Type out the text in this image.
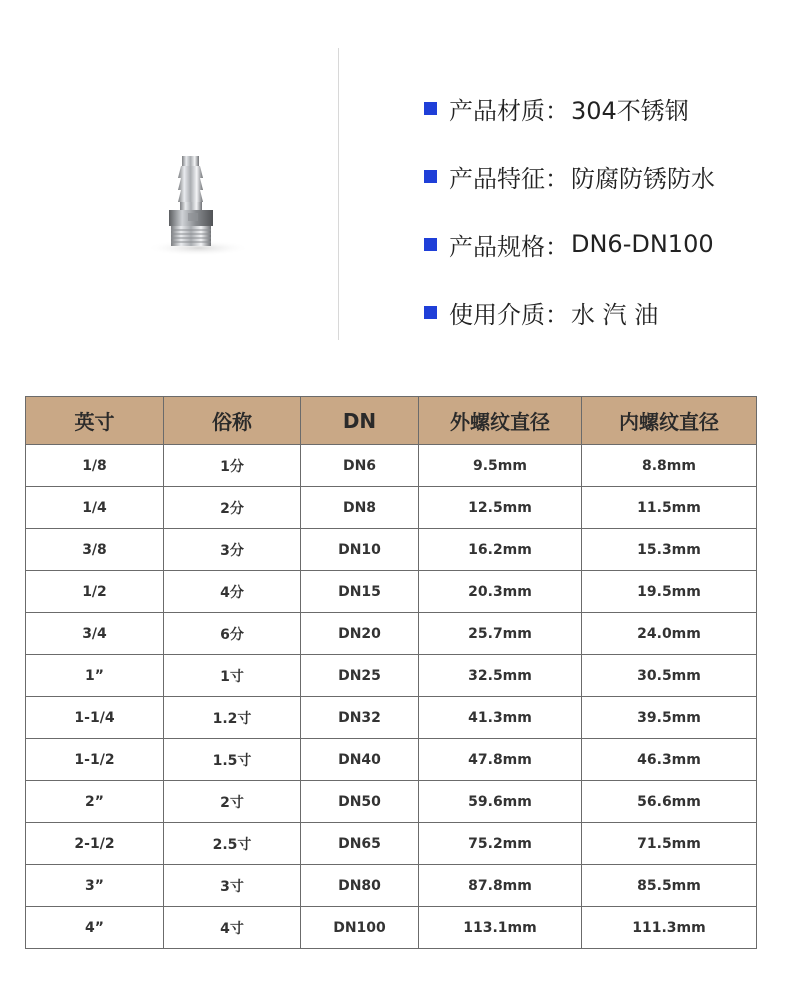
产品材质： 304不锈钢
产品特征： 防腐防锈防水
产品规格： DN6-DN100
使用介质： 水 汽 油
英寸	俗称	DN	外螺纹直径	内螺纹直径
1/8	1分	DN6	9.5mm	8.8mm
1/4	2分	DN8	12.5mm	11.5mm
3/8	3分	DN10	16.2mm	15.3mm
1/2	4分	DN15	20.3mm	19.5mm
3/4	6分	DN20	25.7mm	24.0mm
1”	1寸	DN25	32.5mm	30.5mm
1-1/4	1.2寸	DN32	41.3mm	39.5mm
1-1/2	1.5寸	DN40	47.8mm	46.3mm
2”	2寸	DN50	59.6mm	56.6mm
2-1/2	2.5寸	DN65	75.2mm	71.5mm
3”	3寸	DN80	87.8mm	85.5mm
4”	4寸	DN100	113.1mm	111.3mm
